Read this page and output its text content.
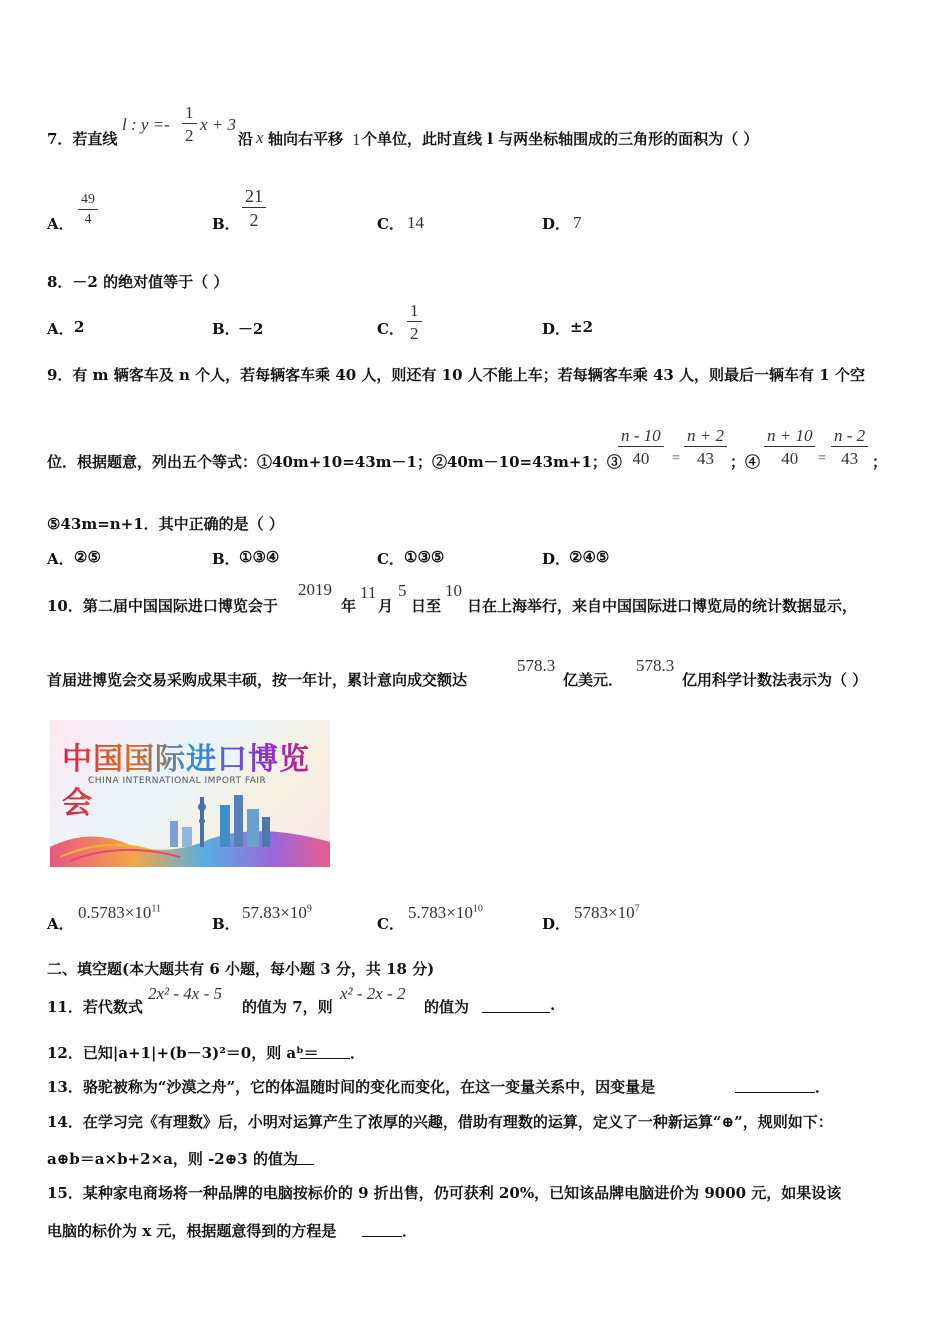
7．若直线
l : $y =- \frac{1}{2}$ x + 3
沿 x 轴向右平移 1 个单位，此时直线 l 与两坐标轴围成的三角形的面积为（ ）
A． $\frac{49}{4}$	B． $\frac{21}{2}$	C． 14	D． 7
8．－2 的绝对值等于（ ）
A． 2	B．
－2	C． $\frac{1}{2}$	D． ±2
9．有 m 辆客车及 n 个人，若每辆客车乘 40 人，则还有 10 人不能上车；若每辆客车乘 43 人，则最后一辆车有 1 个空
位．根据题意，列出五个等式：①40m+10=43m－1；②40m－10=43m+1；③
$\frac{n - 10}{40} = \frac{n + 2}{43}$ ；④ $\frac{n + 10}{40} = \frac{n - 2}{43}$ ；
⑤43m=n+1．其中正确的是（ ）
A． ②⑤	B． ①③④	C． ①③⑤	D．
②④⑤
10．第二届中国国际进口博览会于
2019
年
11
月
5
日至
10
日在上海举行，来自中国国际进口博览局的统计数据显示，
首届进博览会交易采购成果丰硕，按一年计，累计意向成交额达
578.3
亿美元．
578.3
亿用科学计数法表示为（ ）
中国国际进口博览会
CHINA INTERNATIONAL IMPORT FAIR
A．
$0.5783\times 10^{11}$
B．
$57.83\times 10^9$
C．
$5.783\times 10^{10}$
D．
$5783\times 10^7$
二、填空题(本大题共有 6 小题，每小题 3 分，共 18 分)
11．若代数式
2x² - 4x - 5
的值为 7，则
x² - 2x - 2
的值为	.
12．已知|a+1|+(b－3)²＝0，则 aᵇ＝ ．
13．骆驼被称为“沙漠之舟”，它的体温随时间的变化而变化，在这一变量关系中，因变量是	．
14．在学习完《有理数》后，小明对运算产生了浓厚的兴趣，借助有理数的运算，定义了一种新运算“⊕”，规则如下：
a⊕b＝a×b+2×a，则 -2⊕3 的值为
15．某种家电商场将一种品牌的电脑按标价的 9 折出售，仍可获利 20%，已知该品牌电脑进价为 9000 元，如果设该
电脑的标价为 x 元，根据题意得到的方程是	．
